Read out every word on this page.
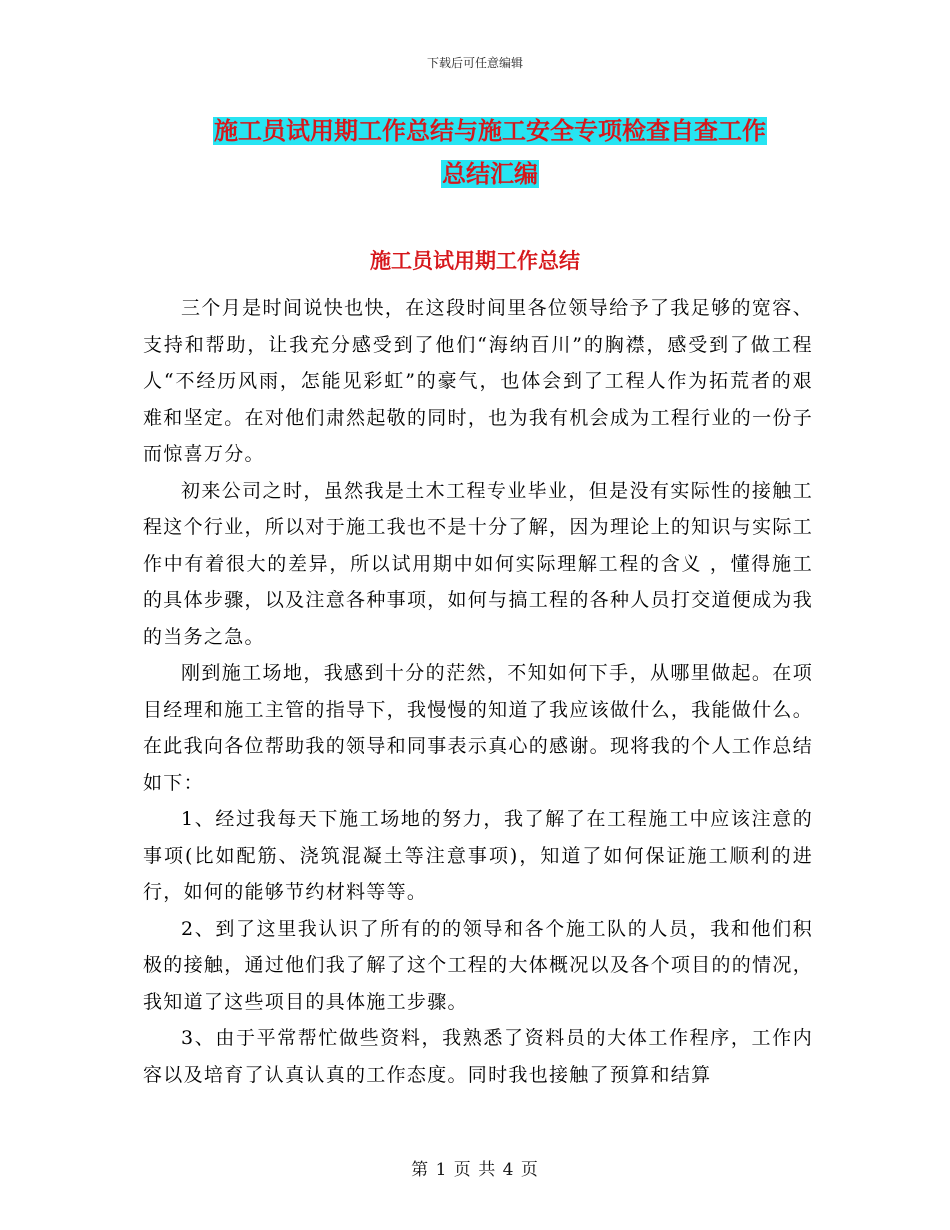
下载后可任意编辑
施工员试用期工作总结与施工安全专项检查自查工作
总结汇编
施工员试用期工作总结

三个月是时间说快也快，在这段时间里各位领导给予了我足够的宽容、支持和帮助，让我充分感受到了他们“海纳百川”的胸襟，感受到了做工程人“不经历风雨，怎能见彩虹”的豪气，也体会到了工程人作为拓荒者的艰难和坚定。在对他们肃然起敬的同时，也为我有机会成为工程行业的一份子而惊喜万分。

初来公司之时，虽然我是土木工程专业毕业，但是没有实际性的接触工程这个行业，所以对于施工我也不是十分了解，因为理论上的知识与实际工作中有着很大的差异，所以试用期中如何实际理解工程的含义 ，懂得施工的具体步骤，以及注意各种事项，如何与搞工程的各种人员打交道便成为我的当务之急。

刚到施工场地，我感到十分的茫然，不知如何下手，从哪里做起。在项目经理和施工主管的指导下，我慢慢的知道了我应该做什么，我能做什么。在此我向各位帮助我的领导和同事表示真心的感谢。现将我的个人工作总结如下：

1、经过我每天下施工场地的努力，我了解了在工程施工中应该注意的事项(比如配筋、浇筑混凝土等注意事项)，知道了如何保证施工顺利的进行，如何的能够节约材料等等。

2、到了这里我认识了所有的的领导和各个施工队的人员，我和他们积极的接触，通过他们我了解了这个工程的大体概况以及各个项目的的情况，我知道了这些项目的具体施工步骤。

3、由于平常帮忙做些资料，我熟悉了资料员的大体工作程序，工作内容以及培育了认真认真的工作态度。同时我也接触了预算和结算

第 1 页 共 4 页
